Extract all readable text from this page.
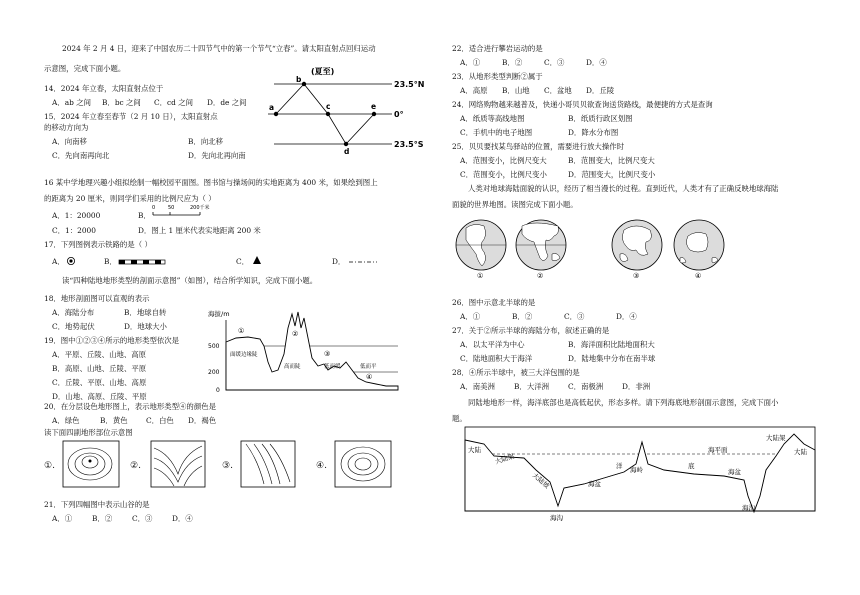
2024 年 2 月 4 日，迎来了中国农历二十四节气中的第一个节气“立春”。请太阳直射点回归运动
示意图，完成下面小题。
14．2024 年立春，太阳直射点位于
A．ab 之间 B．bc 之间 C．cd 之间 D．de 之间
15．2024 年立春至春节（2 月 10 日），太阳直射点
的移动方向为
A．向南移	B．向北移
C．先向南再向北	D．先向北再向南
(夏至)
23.5°N
0°
23.5°S
a
b
c
d
e
16 某中学地理兴趣小组拟绘制一幅校园平面图。图书馆与操场间的实地距离为 400 米，如果绘到图上
的距离为 20 厘米，则同学们采用的比例尺应为（ ）
A．1：20000	B．
0	50	200千米
C．1：2000	D．图上 1 厘米代表实地距离 200 米
17．下列图例表示铁路的是（ ）
A．	B．	C．	D．
读“四种陆地地形类型的剖面示意图”（如图），结合所学知识，完成下面小题。
18．地形剖面图可以直观的表示
A．海陆分布	B．地球自转
C．地势起伏	D．地球大小
19．图中①②③④所示的地形类型依次是
A．平原、丘陵、山地、高原
B．高原、山地、丘陵、平原
C．丘陵、平原、山地、高原
D．山地、高原、丘陵、平原
20．在分层设色地形图上，表示地形类型④的颜色是
A．绿色	B．黄色 C．白色 D．褐色
海拔/m
500
200
0
①	②
③
④
面缓边缘陡
高而陡	低而缓	低而平
读下面四副地形部位示意图
①.	②.	③.	④.
21．下列四幅图中表示山谷的是
A．①	B．②	C．③	D．④
22．适合进行攀岩运动的是
A．①	B．②	C．③	D．④
23．从地形类型判断②属于
A．高原 B．山地 C．盆地 D．丘陵
24．网络购物越来越普及，快递小哥贝贝欲查询送货路线，最便捷的方式是查询
A．纸质等高线地图	B．纸质行政区划图
C．手机中的电子地图	D．降水分布图
25．贝贝要找某鸟驿站的位置，需要进行放大操作时
A．范围变小，比例尺变大	B．范围变大，比例尺变大
C．范围变小，比例尺变小	D．范围变大，比例尺变小
人类对地球海陆面貌的认识，经历了相当漫长的过程。直到近代，人类才有了正确反映地球海陆
面貌的世界地图。读图完成下面小题。
①	②	③	④
26．图中示意北半球的是
A．①	B．②	C．③	D．④
27．关于②所示半球的海陆分布，叙述正确的是
A．以太平洋为中心	B．海洋面积比陆地面积大
C．陆地面积大于海洋	D．陆地集中分布在南半球
28．④所示半球中，被三大洋包围的是
A．南美洲	B．大洋洲	C．南极洲	D．非洲
同陆地地形一样，海洋底部也是高低起伏，形态多样。请下列海底地形剖面示意图，完成下面小
题。
大陆
大陆架
大陆坡
洋	底
海平面
海岭
海盆
海盆
海沟
海沟
大陆
大陆架
